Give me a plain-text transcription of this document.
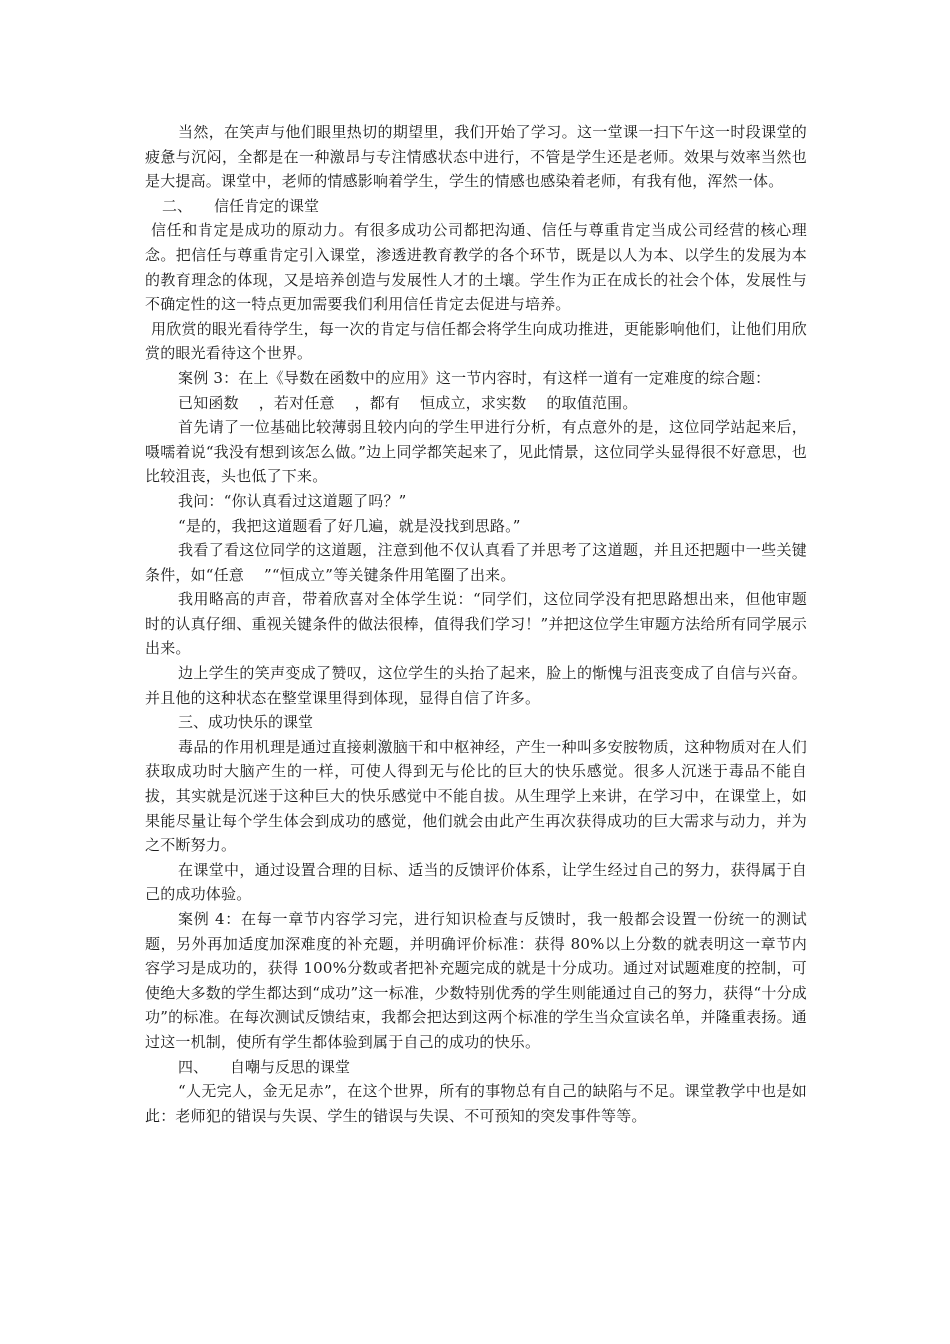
当然，在笑声与他们眼里热切的期望里，我们开始了学习。这一堂课一扫下午这一时段课堂的疲惫与沉闷，全都是在一种激昂与专注情感状态中进行，不管是学生还是老师。效果与效率当然也是大提高。课堂中，老师的情感影响着学生，学生的情感也感染着老师，有我有他，浑然一体。

二、 信任肯定的课堂

信任和肯定是成功的原动力。有很多成功公司都把沟通、信任与尊重肯定当成公司经营的核心理念。把信任与尊重肯定引入课堂，渗透进教育教学的各个环节，既是以人为本、以学生的发展为本的教育理念的体现，又是培养创造与发展性人才的土壤。学生作为正在成长的社会个体，发展性与不确定性的这一特点更加需要我们利用信任肯定去促进与培养。

用欣赏的眼光看待学生，每一次的肯定与信任都会将学生向成功推进，更能影响他们，让他们用欣赏的眼光看待这个世界。

案例 3：在上《导数在函数中的应用》这一节内容时，有这样一道有一定难度的综合题：

已知函数 ，若对任意 ，都有 恒成立，求实数 的取值范围。

首先请了一位基础比较薄弱且较内向的学生甲进行分析，有点意外的是，这位同学站起来后，嗫嚅着说“我没有想到该怎么做。”边上同学都笑起来了，见此情景，这位同学头显得很不好意思，也比较沮丧，头也低了下来。

我问：“你认真看过这道题了吗？”

“是的，我把这道题看了好几遍，就是没找到思路。”

我看了看这位同学的这道题，注意到他不仅认真看了并思考了这道题，并且还把题中一些关键条件，如“任意 ”“恒成立”等关键条件用笔圈了出来。

我用略高的声音，带着欣喜对全体学生说：“同学们，这位同学没有把思路想出来，但他审题时的认真仔细、重视关键条件的做法很棒，值得我们学习！”并把这位学生审题方法给所有同学展示出来。

边上学生的笑声变成了赞叹，这位学生的头抬了起来，脸上的惭愧与沮丧变成了自信与兴奋。并且他的这种状态在整堂课里得到体现，显得自信了许多。

三、成功快乐的课堂

毒品的作用机理是通过直接刺激脑干和中枢神经，产生一种叫多安胺物质，这种物质对在人们获取成功时大脑产生的一样，可使人得到无与伦比的巨大的快乐感觉。很多人沉迷于毒品不能自拔，其实就是沉迷于这种巨大的快乐感觉中不能自拔。从生理学上来讲，在学习中，在课堂上，如果能尽量让每个学生体会到成功的感觉，他们就会由此产生再次获得成功的巨大需求与动力，并为之不断努力。

在课堂中，通过设置合理的目标、适当的反馈评价体系，让学生经过自己的努力，获得属于自己的成功体验。

案例 4：在每一章节内容学习完，进行知识检查与反馈时，我一般都会设置一份统一的测试题，另外再加适度加深难度的补充题，并明确评价标准：获得 80%以上分数的就表明这一章节内容学习是成功的，获得 100%分数或者把补充题完成的就是十分成功。通过对试题难度的控制，可使绝大多数的学生都达到“成功”这一标准，少数特别优秀的学生则能通过自己的努力，获得“十分成功”的标准。在每次测试反馈结束，我都会把达到这两个标准的学生当众宣读名单，并隆重表扬。通过这一机制，使所有学生都体验到属于自己的成功的快乐。

四、 自嘲与反思的课堂

“人无完人，金无足赤”，在这个世界，所有的事物总有自己的缺陷与不足。课堂教学中也是如此：老师犯的错误与失误、学生的错误与失误、不可预知的突发事件等等。
